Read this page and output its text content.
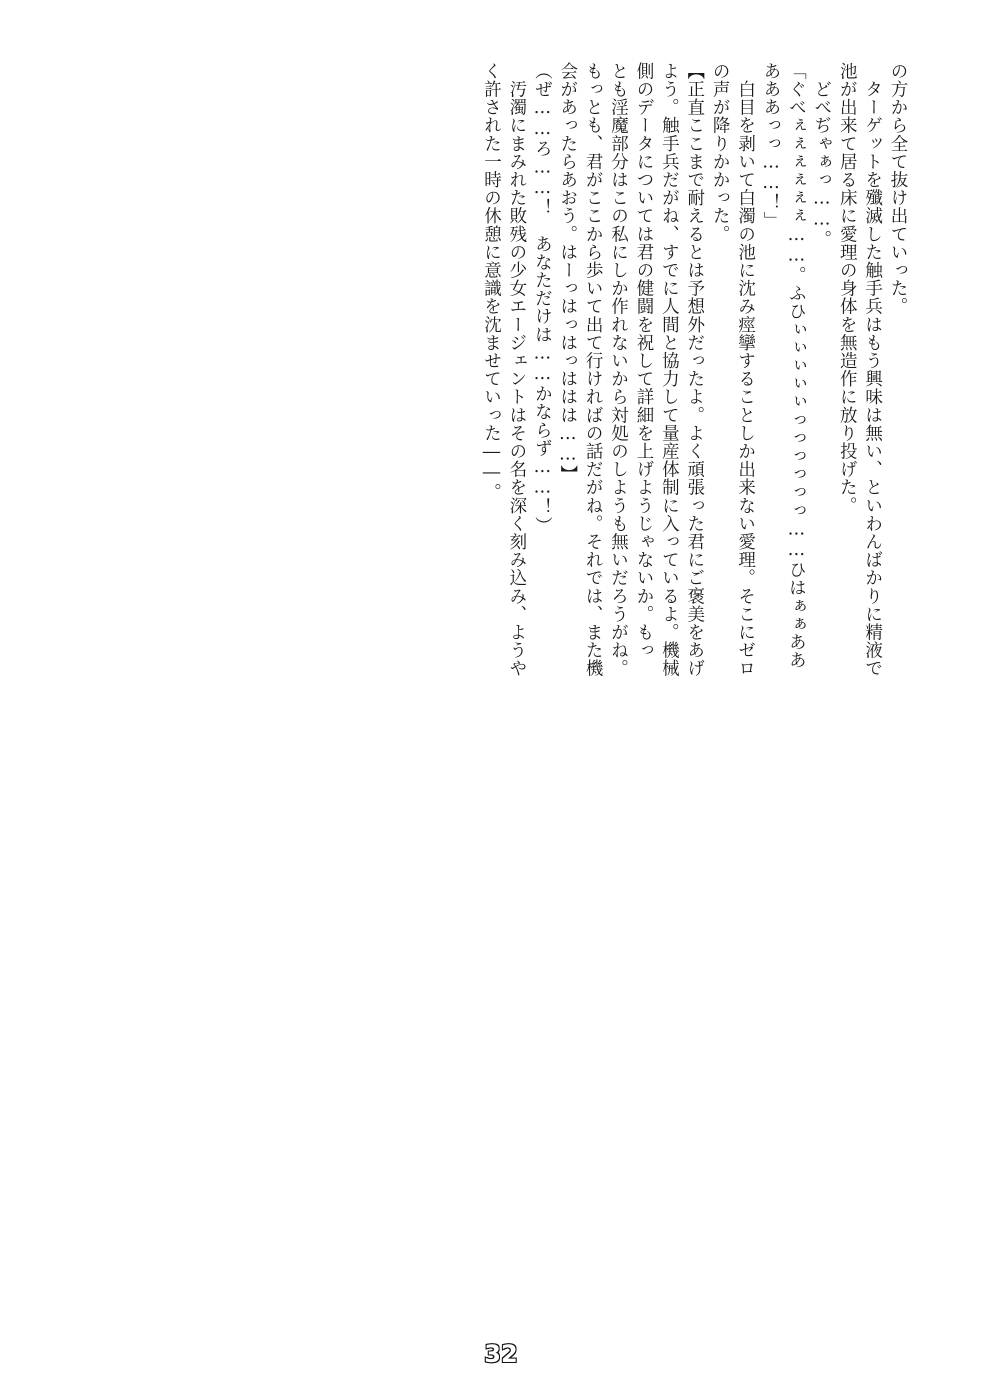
の方から全て抜け出ていった。
　ターゲットを殲滅した触手兵はもう興味は無い、といわんばかりに精液で
池が出来て居る床に愛理の身体を無造作に放り投げた。
　どべぢゃぁっ……。
「ぐべぇぇぇぇぇぇ……。ふひぃぃぃぃぃっっっっっっ……ひはぁぁああ
あああっっ……！」
　白目を剥いて白濁の池に沈み痙攣することしか出来ない愛理。そこにゼロ
の声が降りかかった。
【正直ここまで耐えるとは予想外だったよ。よく頑張った君にご褒美をあげ
よう。触手兵だがね、すでに人間と協力して量産体制に入っているよ。機械
側のデータについては君の健闘を祝して詳細を上げようじゃないか。もっ
とも淫魔部分はこの私にしか作れないから対処のしようも無いだろうがね。
もっとも、君がここから歩いて出て行ければの話だがね。それでは、また機
会があったらあおう。はーっはっはっははは……】
（ぜ……ろ……！　あなただけは……かならず……！）
　汚濁にまみれた敗残の少女エージェントはその名を深く刻み込み、ようや
く許された一時の休憩に意識を沈ませていった――。
32
